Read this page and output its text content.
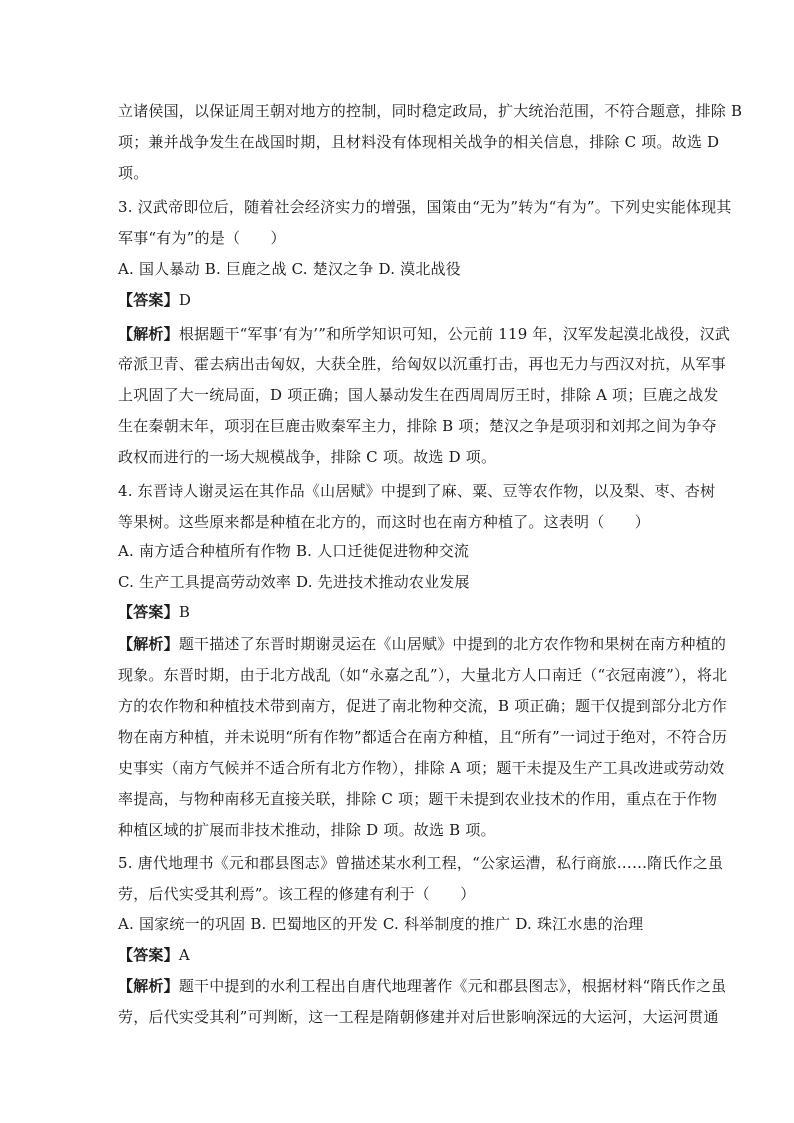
立诸侯国，以保证周王朝对地方的控制，同时稳定政局，扩大统治范围，不符合题意，排除 B
项；兼并战争发生在战国时期，且材料没有体现相关战争的相关信息，排除 C 项。故选 D
项。
3. 汉武帝即位后，随着社会经济实力的增强，国策由“无为”转为“有为”。下列史实能体现其
军事“有为”的是（　　）
A. 国人暴动 B. 巨鹿之战 C. 楚汉之争 D. 漠北战役
【答案】D
【解析】根据题干“军事‘有为’”和所学知识可知，公元前 119 年，汉军发起漠北战役，汉武
帝派卫青、霍去病出击匈奴，大获全胜，给匈奴以沉重打击，再也无力与西汉对抗，从军事
上巩固了大一统局面，D 项正确；国人暴动发生在西周周厉王时，排除 A 项；巨鹿之战发
生在秦朝末年，项羽在巨鹿击败秦军主力，排除 B 项；楚汉之争是项羽和刘邦之间为争夺
政权而进行的一场大规模战争，排除 C 项。故选 D 项。
4. 东晋诗人谢灵运在其作品《山居赋》中提到了麻、粟、豆等农作物，以及梨、枣、杏树
等果树。这些原来都是种植在北方的，而这时也在南方种植了。这表明（　　）
A. 南方适合种植所有作物 B. 人口迁徙促进物种交流
C. 生产工具提高劳动效率 D. 先进技术推动农业发展
【答案】B
【解析】题干描述了东晋时期谢灵运在《山居赋》中提到的北方农作物和果树在南方种植的
现象。东晋时期，由于北方战乱（如“永嘉之乱”），大量北方人口南迁（“衣冠南渡”），将北
方的农作物和种植技术带到南方，促进了南北物种交流，B 项正确；题干仅提到部分北方作
物在南方种植，并未说明“所有作物”都适合在南方种植，且“所有”一词过于绝对，不符合历
史事实（南方气候并不适合所有北方作物），排除 A 项；题干未提及生产工具改进或劳动效
率提高，与物种南移无直接关联，排除 C 项；题干未提到农业技术的作用，重点在于作物
种植区域的扩展而非技术推动，排除 D 项。故选 B 项。
5. 唐代地理书《元和郡县图志》曾描述某水利工程，“公家运漕，私行商旅……隋氏作之虽
劳，后代实受其利焉”。该工程的修建有利于（　　）
A. 国家统一的巩固 B. 巴蜀地区的开发 C. 科举制度的推广 D. 珠江水患的治理
【答案】A
【解析】题干中提到的水利工程出自唐代地理著作《元和郡县图志》，根据材料“隋氏作之虽
劳，后代实受其利”可判断，这一工程是隋朝修建并对后世影响深远的大运河，大运河贯通
